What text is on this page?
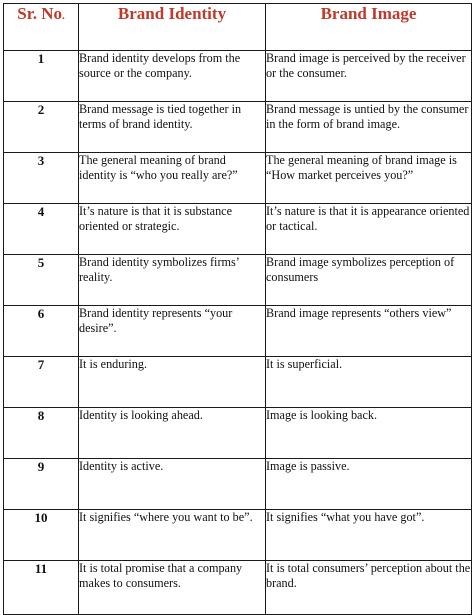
Sr. No.	Brand Identity	Brand Image
1	Brand identity develops from the source or the company.	Brand image is perceived by the receiver or the consumer.
2	Brand message is tied together in terms of brand identity.	Brand message is untied by the consumer in the form of brand image.
3	The general meaning of brand identity is “who you really are?”	The general meaning of brand image is “How market perceives you?”
4	It’s nature is that it is substance oriented or strategic.	It’s nature is that it is appearance oriented or tactical.
5	Brand identity symbolizes firms’ reality.	Brand image symbolizes perception of consumers
6	Brand identity represents “your desire”.	Brand image represents “others view”
7	It is enduring.	It is superficial.
8	Identity is looking ahead.	Image is looking back.
9	Identity is active.	Image is passive.
10	It signifies “where you want to be”.	It signifies “what you have got”.
11	It is total promise that a company makes to consumers.	It is total consumers’ perception about the brand.
